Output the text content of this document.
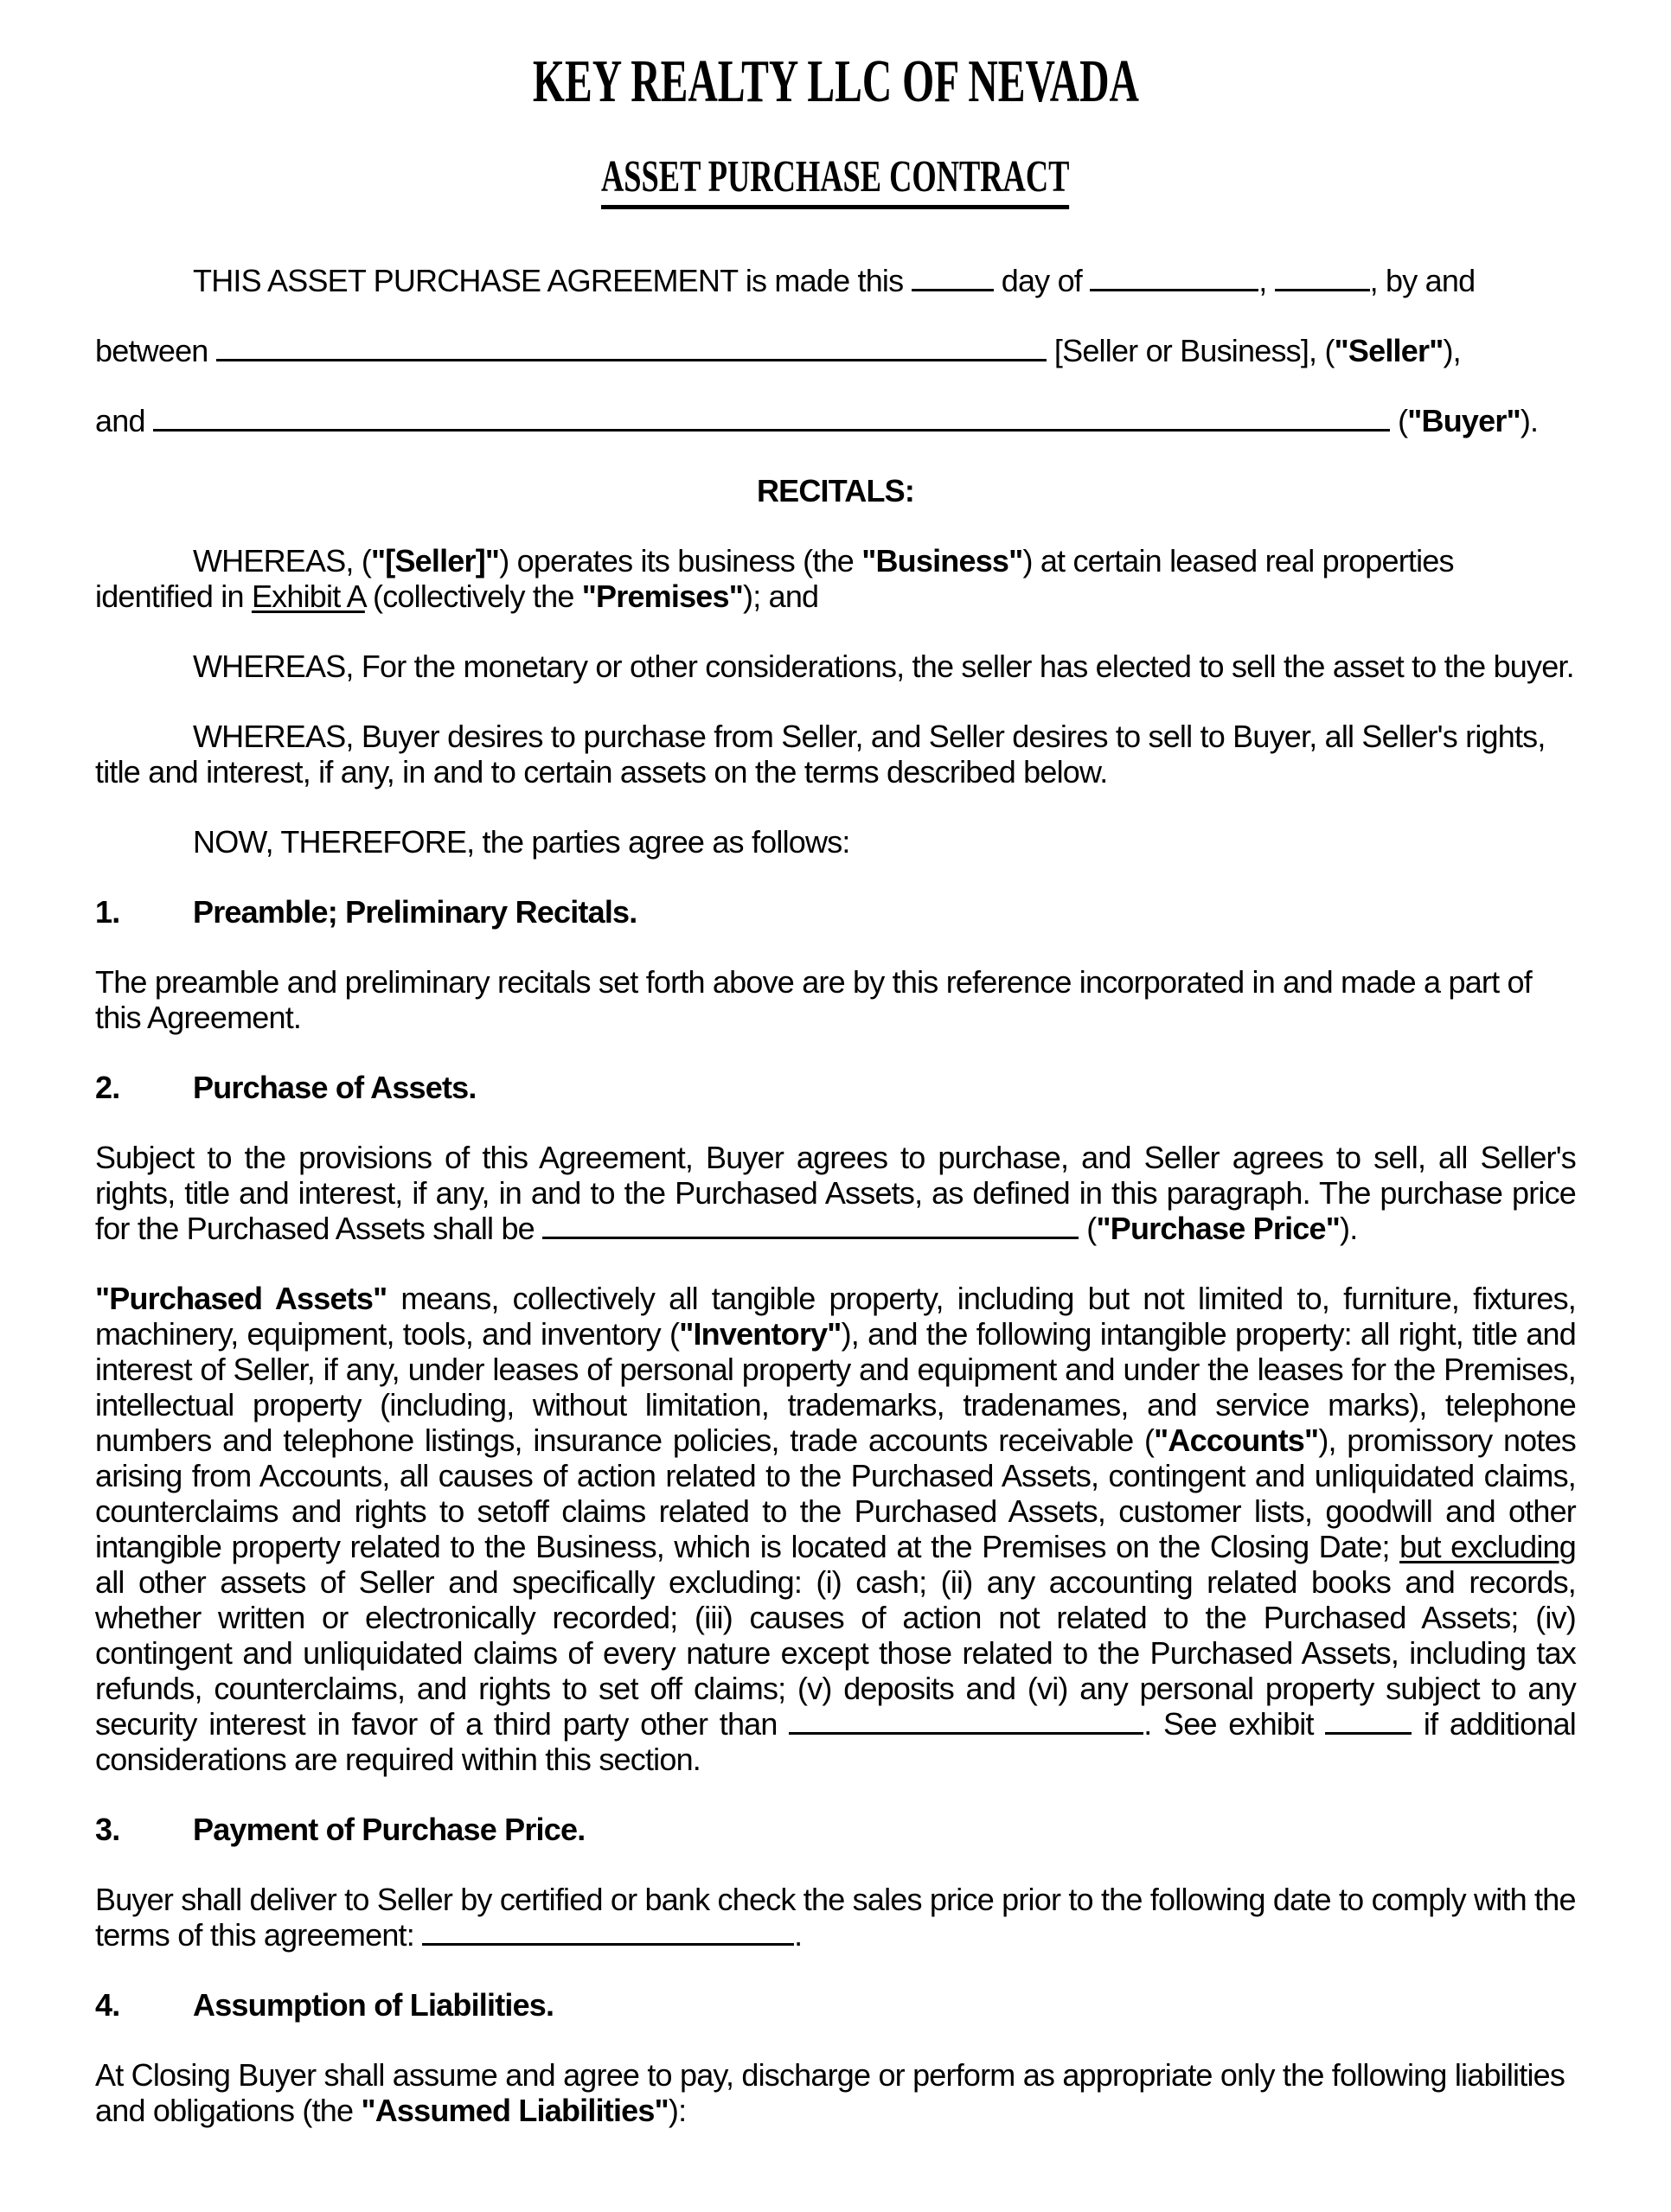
KEY REALTY LLC OF NEVADA
ASSET PURCHASE CONTRACT

THIS ASSET PURCHASE AGREEMENT is made this	day of	,	, by and

between	[Seller or Business], ("Seller"),

and	("Buyer").

RECITALS:

WHEREAS, ("[Seller]") operates its business (the "Business") at certain leased real properties identified in Exhibit A (collectively the "Premises"); and

WHEREAS, For the monetary or other considerations, the seller has elected to sell the asset to the buyer.

WHEREAS, Buyer desires to purchase from Seller, and Seller desires to sell to Buyer, all Seller's rights, title and interest, if any, in and to certain assets on the terms described below.

NOW, THEREFORE, the parties agree as follows:

1. Preamble; Preliminary Recitals.

The preamble and preliminary recitals set forth above are by this reference incorporated in and made a part of this Agreement.

2. Purchase of Assets.

Subject to the provisions of this Agreement, Buyer agrees to purchase, and Seller agrees to sell, all Seller's rights, title and interest, if any, in and to the Purchased Assets, as defined in this paragraph. The purchase price for the Purchased Assets shall be	("Purchase Price").

"Purchased Assets" means, collectively all tangible property, including but not limited to, furniture, fixtures, machinery, equipment, tools, and inventory ("Inventory"), and the following intangible property: all right, title and interest of Seller, if any, under leases of personal property and equipment and under the leases for the Premises, intellectual property (including, without limitation, trademarks, tradenames, and service marks), telephone numbers and telephone listings, insurance policies, trade accounts receivable ("Accounts"), promissory notes arising from Accounts, all causes of action related to the Purchased Assets, contingent and unliquidated claims, counterclaims and rights to setoff claims related to the Purchased Assets, customer lists, goodwill and other intangible property related to the Business, which is located at the Premises on the Closing Date; but excluding all other assets of Seller and specifically excluding: (i) cash; (ii) any accounting related books and records, whether written or electronically recorded; (iii) causes of action not related to the Purchased Assets; (iv) contingent and unliquidated claims of every nature except those related to the Purchased Assets, including tax refunds, counterclaims, and rights to set off claims; (v) deposits and (vi) any personal property subject to any security interest in favor of a third party other than	. See exhibit	if additional considerations are required within this section.

3. Payment of Purchase Price.

Buyer shall deliver to Seller by certified or bank check the sales price prior to the following date to comply with the terms of this agreement:	.

4. Assumption of Liabilities.

At Closing Buyer shall assume and agree to pay, discharge or perform as appropriate only the following liabilities and obligations (the "Assumed Liabilities"):
